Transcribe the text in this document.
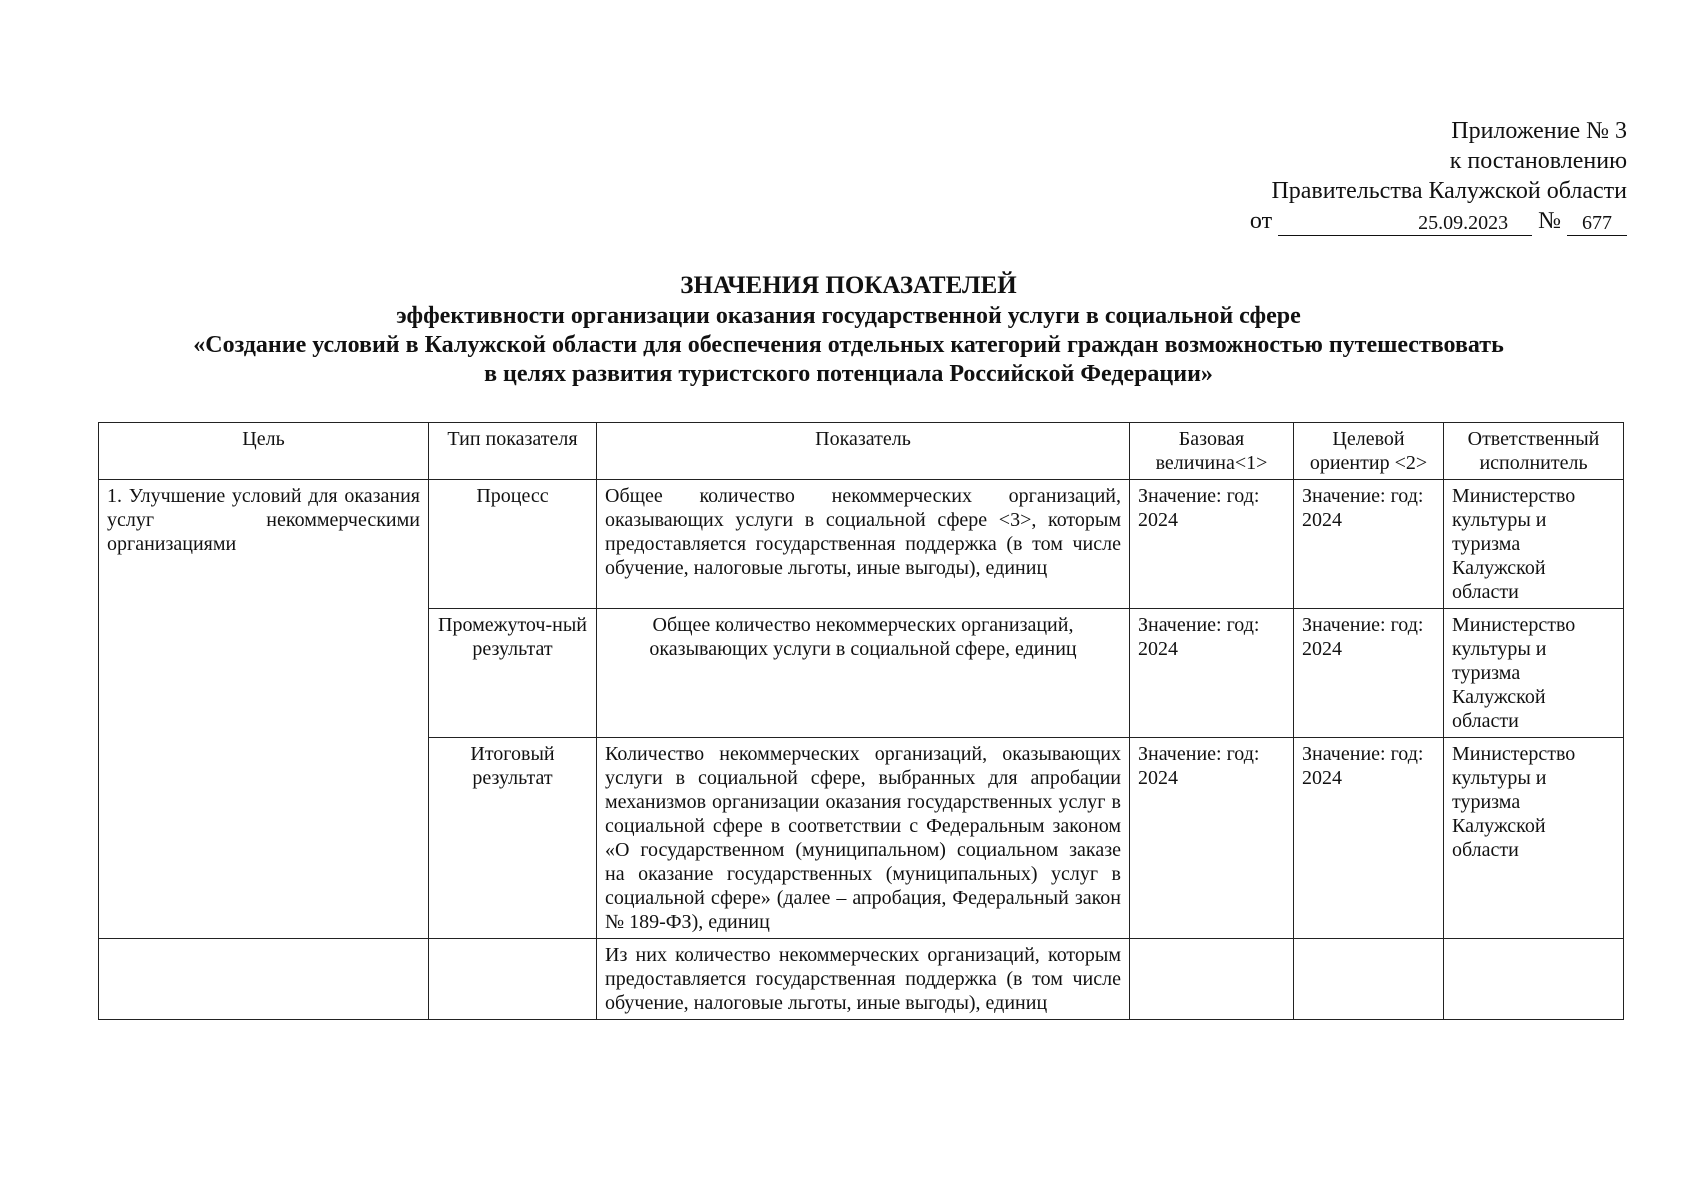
Приложение № 3
к постановлению
Правительства Калужской области
от	25.09.2023	№	677
ЗНАЧЕНИЯ ПОКАЗАТЕЛЕЙ
эффективности организации оказания государственной услуги в социальной сфере
«Создание условий в Калужской области для обеспечения отдельных категорий граждан возможностью путешествовать
в целях развития туристского потенциала Российской Федерации»
Цель	Тип показателя	Показатель	Базовая величина<1>	Целевой ориентир <2>	Ответственный исполнитель
1. Улучшение условий для оказания услуг некоммерческими организациями	Процесс	Общее количество некоммерческих организаций, оказывающих услуги в социальной сфере <3>, которым предоставляется государственная поддержка (в том числе обучение, налоговые льготы, иные выгоды), единиц	Значение: год: 2024	Значение: год: 2024	Министерство культуры и туризма Калужской области
	Промежуточ-ный результат	Общее количество некоммерческих организаций, оказывающих услуги в социальной сфере, единиц	Значение: год: 2024	Значение: год: 2024	Министерство культуры и туризма Калужской области
	Итоговый результат	Количество некоммерческих организаций, оказывающих услуги в социальной сфере, выбранных для апробации механизмов организации оказания государственных услуг в социальной сфере в соответствии с Федеральным законом «О государственном (муниципальном) социальном заказе на оказание государственных (муниципальных) услуг в социальной сфере» (далее – апробация, Федеральный закон № 189-ФЗ), единиц	Значение: год: 2024	Значение: год: 2024	Министерство культуры и туризма Калужской области
		Из них количество некоммерческих организаций, которым предоставляется государственная поддержка (в том числе обучение, налоговые льготы, иные выгоды), единиц			
